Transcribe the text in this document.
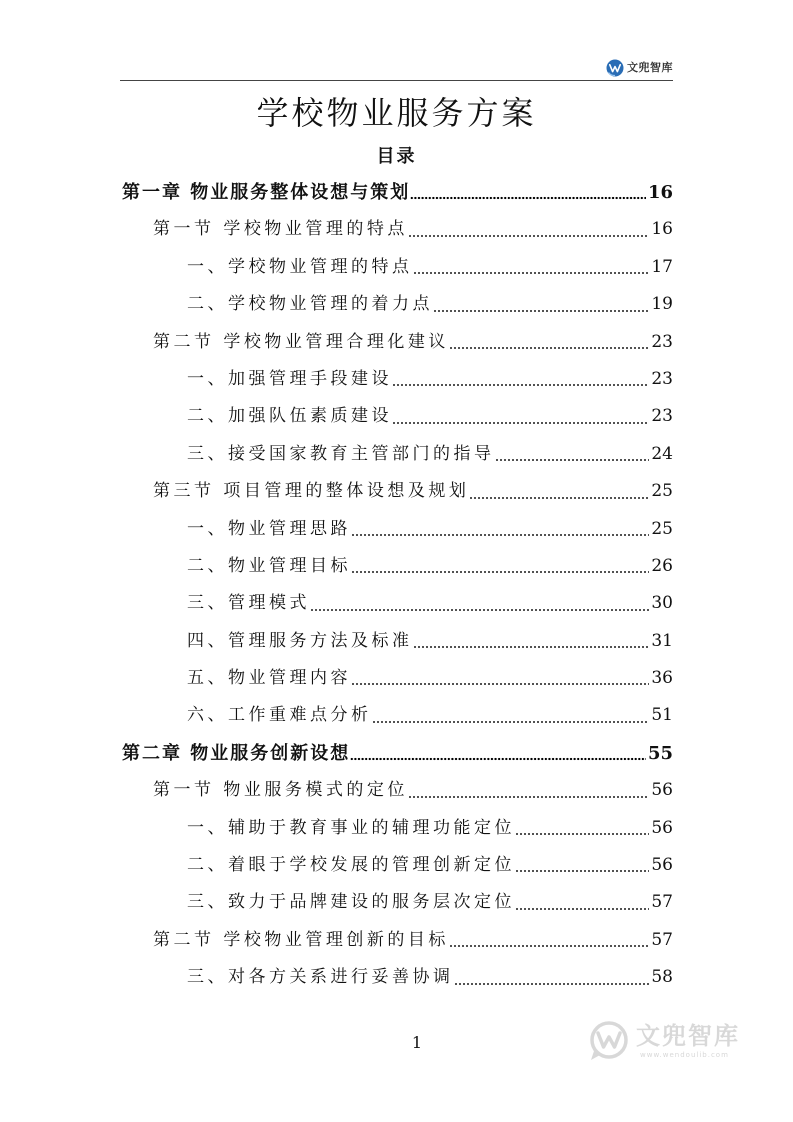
文兜智库
学校物业服务方案
目录
第一章 物业服务整体设想与策划	16
第一节 学校物业管理的特点	16
一、学校物业管理的特点	17
二、学校物业管理的着力点	19
第二节 学校物业管理合理化建议	23
一、加强管理手段建设	23
二、加强队伍素质建设	23
三、接受国家教育主管部门的指导	24
第三节 项目管理的整体设想及规划	25
一、物业管理思路	25
二、物业管理目标	26
三、管理模式	30
四、管理服务方法及标准	31
五、物业管理内容	36
六、工作重难点分析	51
第二章 物业服务创新设想	55
第一节 物业服务模式的定位	56
一、辅助于教育事业的辅理功能定位	56
二、着眼于学校发展的管理创新定位	56
三、致力于品牌建设的服务层次定位	57
第二节 学校物业管理创新的目标	57
三、对各方关系进行妥善协调	58
1	文兜智库
www.wendoulib.com
